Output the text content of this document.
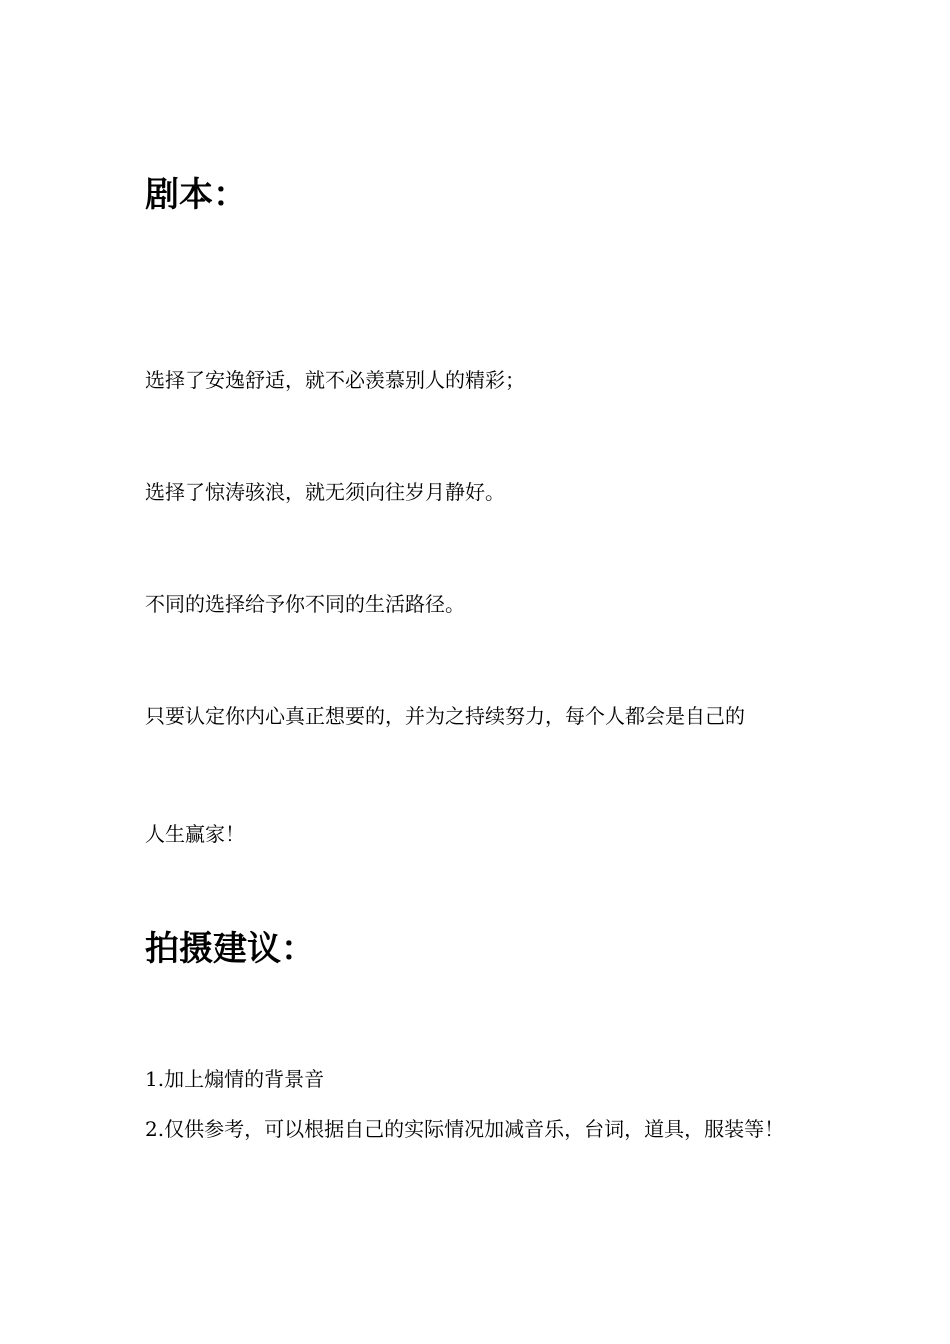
剧本：

选择了安逸舒适，就不必羡慕别人的精彩；

选择了惊涛骇浪，就无须向往岁月静好。

不同的选择给予你不同的生活路径。

只要认定你内心真正想要的，并为之持续努力，每个人都会是自己的

人生赢家！

拍摄建议：

1.加上煽情的背景音

2.仅供参考，可以根据自己的实际情况加减音乐，台词，道具，服装等！
